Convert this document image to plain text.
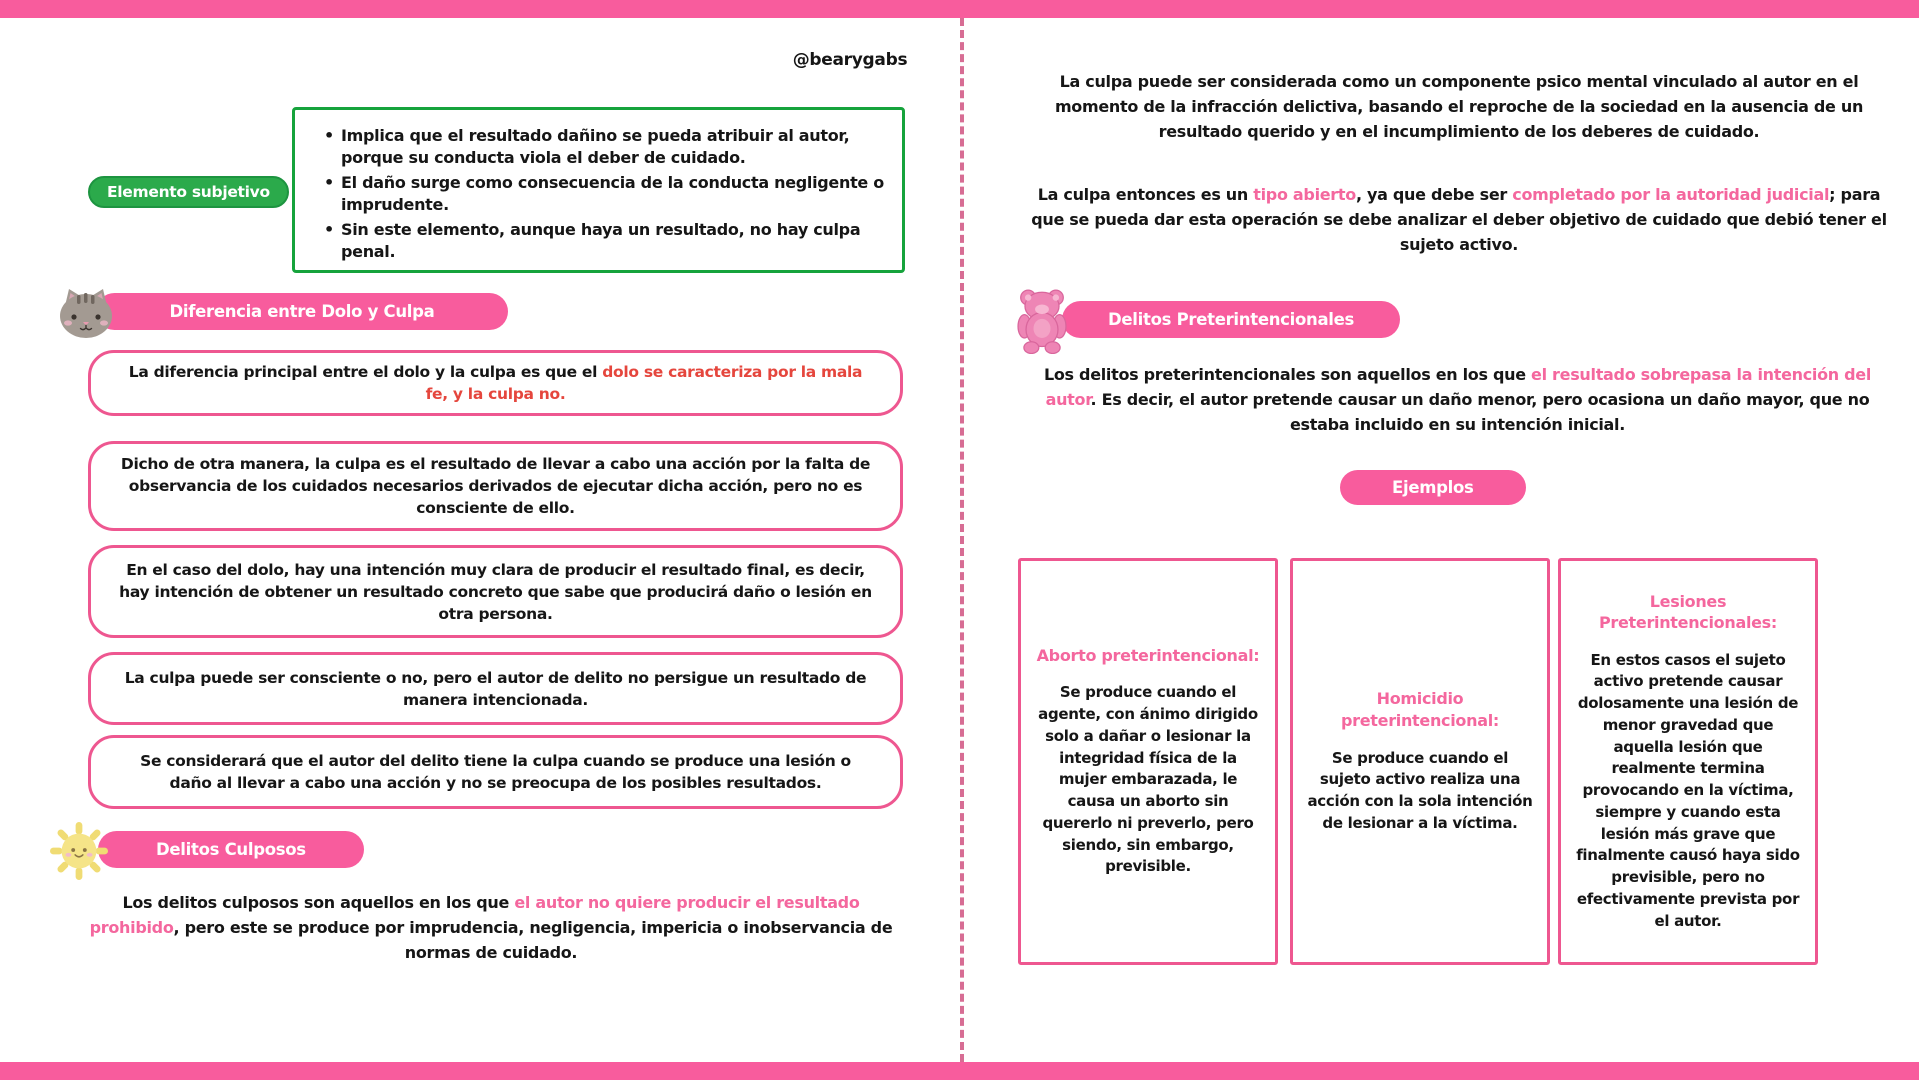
@bearygabs
Elemento subjetivo
• Implica que el resultado dañino se pueda atribuir al autor, porque su conducta viola el deber de cuidado.
• El daño surge como consecuencia de la conducta negligente o imprudente.
• Sin este elemento, aunque haya un resultado, no hay culpa penal.
Diferencia entre Dolo y Culpa

La diferencia principal entre el dolo y la culpa es que el dolo se caracteriza por la mala fe, y la culpa no.

Dicho de otra manera, la culpa es el resultado de llevar a cabo una acción por la falta de observancia de los cuidados necesarios derivados de ejecutar dicha acción, pero no es consciente de ello.

En el caso del dolo, hay una intención muy clara de producir el resultado final, es decir, hay intención de obtener un resultado concreto que sabe que producirá daño o lesión en otra persona.

La culpa puede ser consciente o no, pero el autor de delito no persigue un resultado de manera intencionada.

Se considerará que el autor del delito tiene la culpa cuando se produce una lesión o daño al llevar a cabo una acción y no se preocupa de los posibles resultados.

Delitos Culposos

Los delitos culposos son aquellos en los que el autor no quiere producir el resultado prohibido, pero este se produce por imprudencia, negligencia, impericia o inobservancia de normas de cuidado.

La culpa puede ser considerada como un componente psico mental vinculado al autor en el momento de la infracción delictiva, basando el reproche de la sociedad en la ausencia de un resultado querido y en el incumplimiento de los deberes de cuidado.

La culpa entonces es un tipo abierto, ya que debe ser completado por la autoridad judicial; para que se pueda dar esta operación se debe analizar el deber objetivo de cuidado que debió tener el sujeto activo.

Delitos Preterintencionales

Los delitos preterintencionales son aquellos en los que el resultado sobrepasa la intención del autor. Es decir, el autor pretende causar un daño menor, pero ocasiona un daño mayor, que no estaba incluido en su intención inicial.

Ejemplos
Aborto preterintencional:

Se produce cuando el agente, con ánimo dirigido solo a dañar o lesionar la integridad física de la mujer embarazada, le causa un aborto sin quererlo ni preverlo, pero siendo, sin embargo, previsible.

Homicidio preterintencional:

Se produce cuando el sujeto activo realiza una acción con la sola intención de lesionar a la víctima.

Lesiones Preterintencionales:

En estos casos el sujeto activo pretende causar dolosamente una lesión de menor gravedad que aquella lesión que realmente termina provocando en la víctima, siempre y cuando esta lesión más grave que finalmente causó haya sido previsible, pero no efectivamente prevista por el autor.
